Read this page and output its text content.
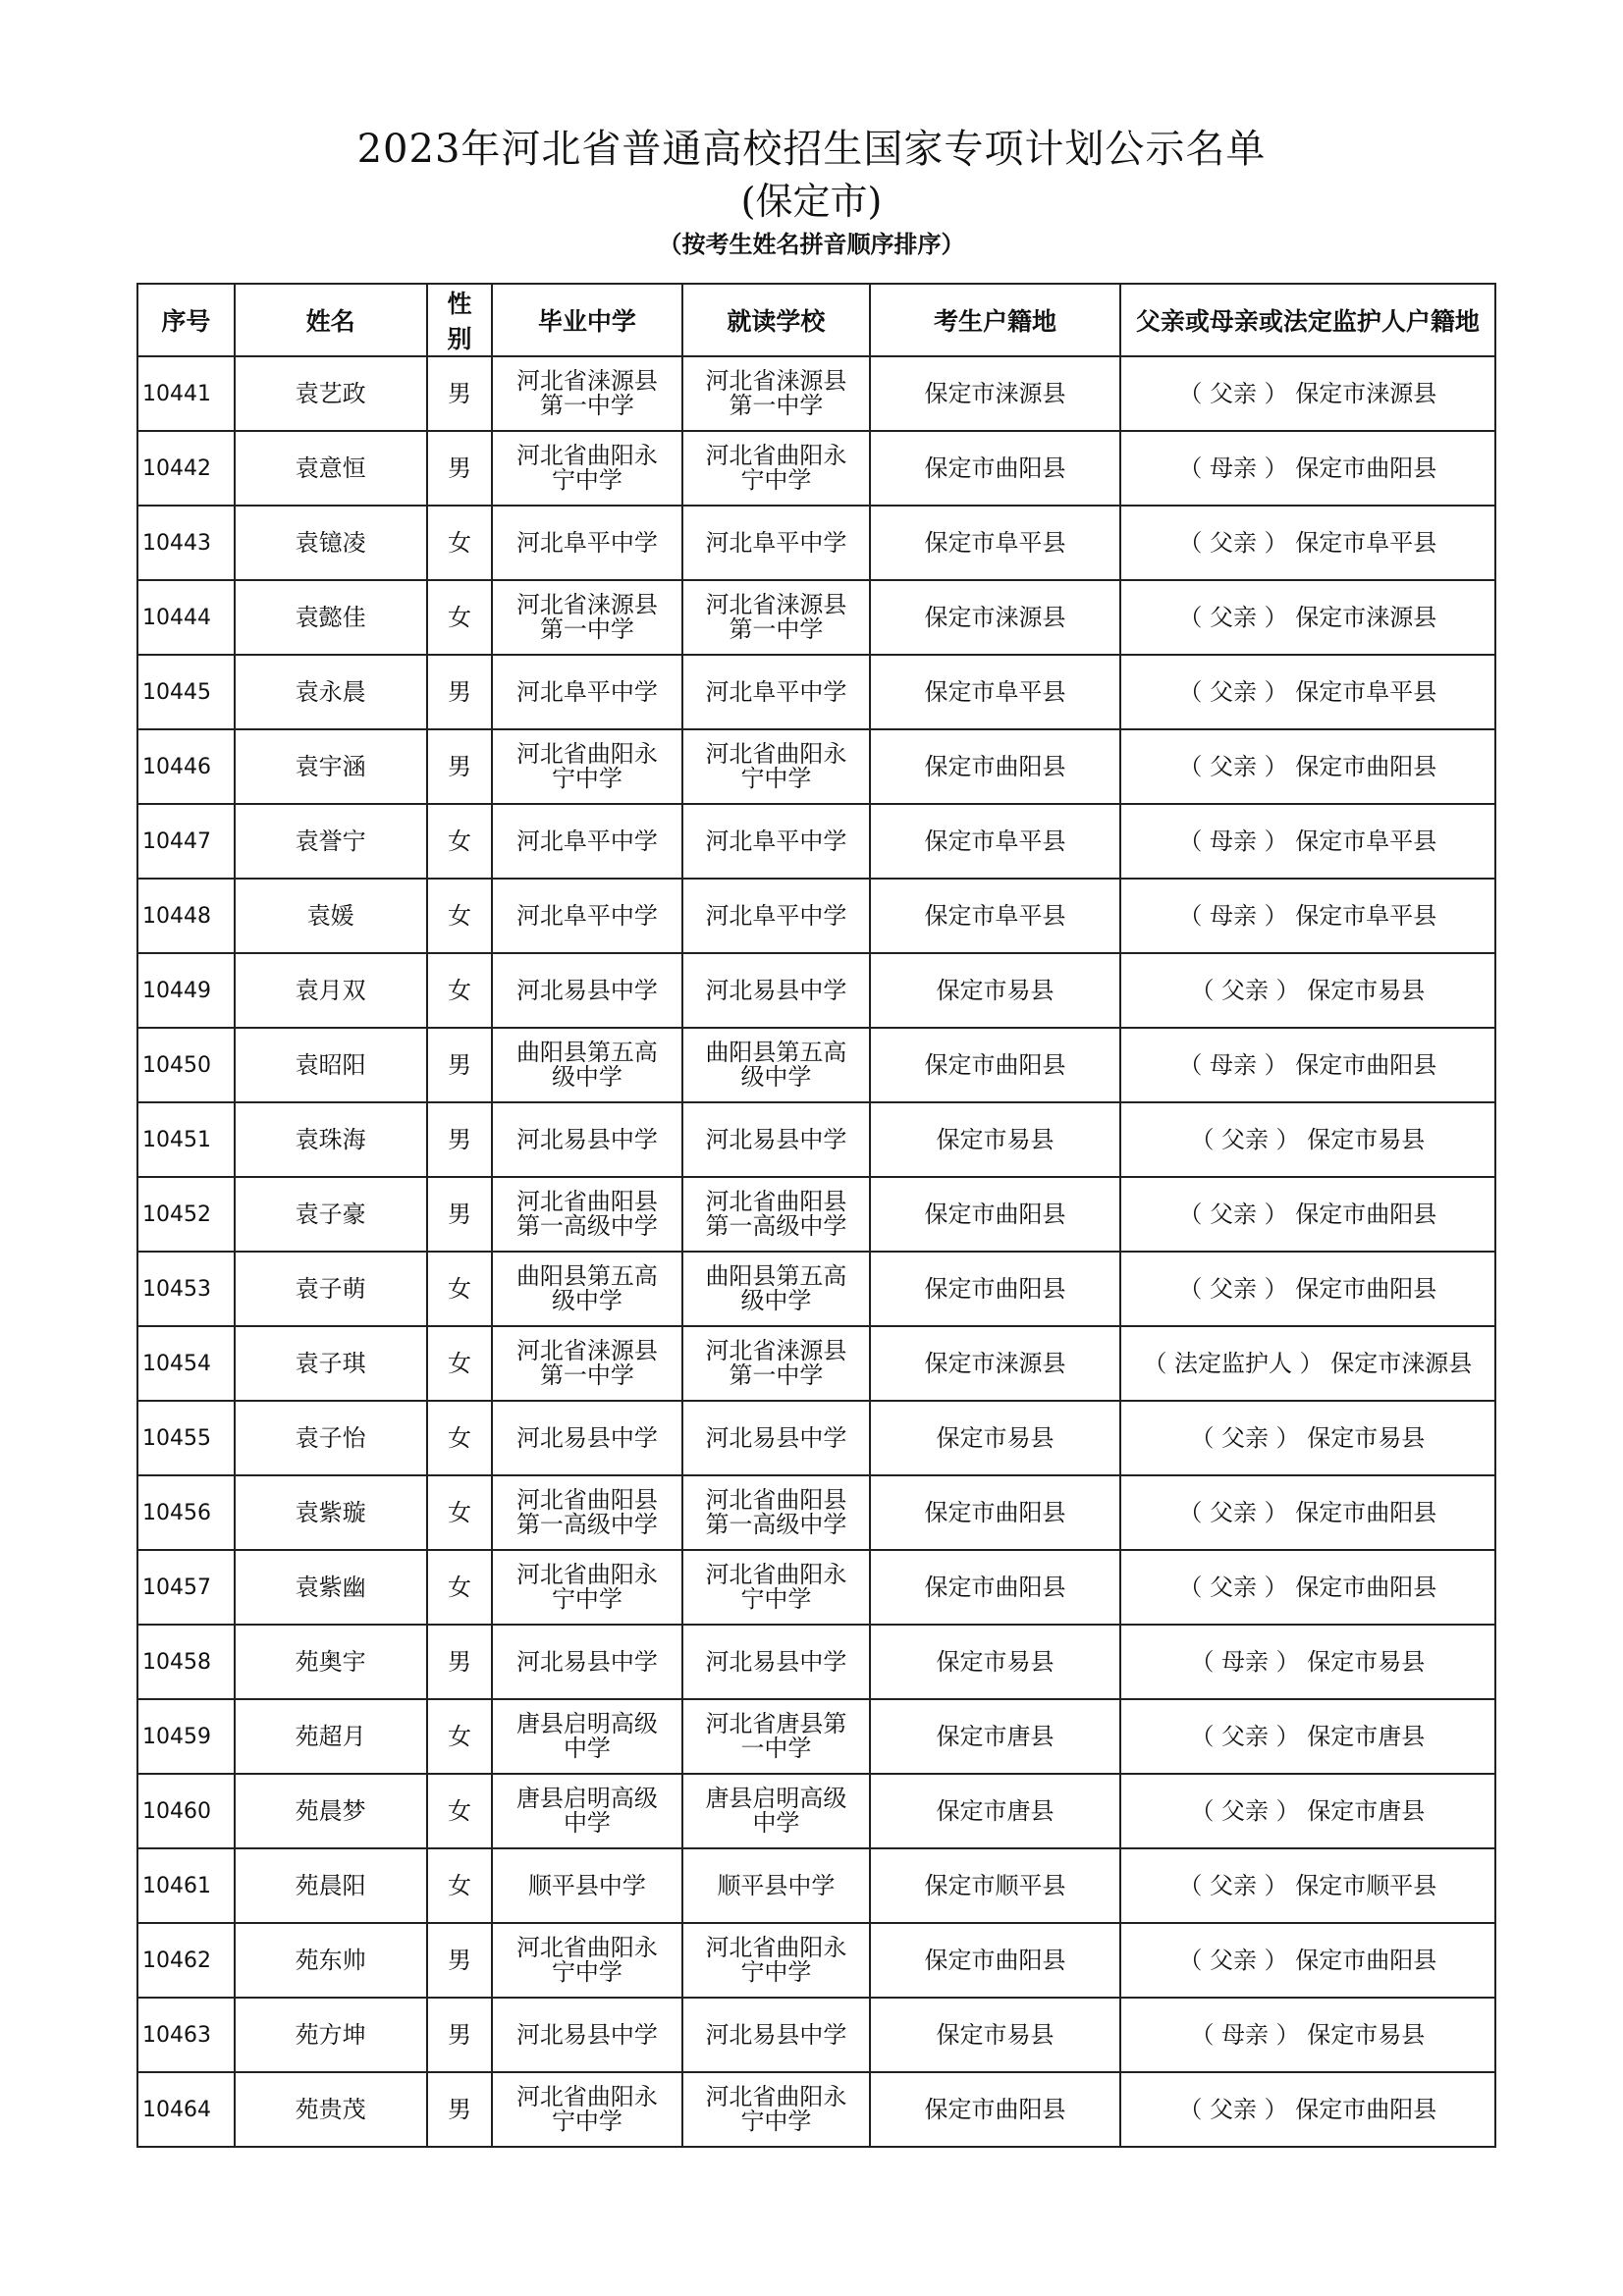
2023年河北省普通高校招生国家专项计划公示名单
(保定市)
（按考生姓名拼音顺序排序）
序号	姓名	性别	毕业中学	就读学校	考生户籍地	父亲或母亲或法定监护人户籍地
10441	袁艺政	男	河北省涞源县第一中学	河北省涞源县第一中学	保定市涞源县	（ 父亲 ） 保定市涞源县
10442	袁意恒	男	河北省曲阳永宁中学	河北省曲阳永宁中学	保定市曲阳县	（ 母亲 ） 保定市曲阳县
10443	袁镱凌	女	河北阜平中学	河北阜平中学	保定市阜平县	（ 父亲 ） 保定市阜平县
10444	袁懿佳	女	河北省涞源县第一中学	河北省涞源县第一中学	保定市涞源县	（ 父亲 ） 保定市涞源县
10445	袁永晨	男	河北阜平中学	河北阜平中学	保定市阜平县	（ 父亲 ） 保定市阜平县
10446	袁宇涵	男	河北省曲阳永宁中学	河北省曲阳永宁中学	保定市曲阳县	（ 父亲 ） 保定市曲阳县
10447	袁誉宁	女	河北阜平中学	河北阜平中学	保定市阜平县	（ 母亲 ） 保定市阜平县
10448	袁媛	女	河北阜平中学	河北阜平中学	保定市阜平县	（ 母亲 ） 保定市阜平县
10449	袁月双	女	河北易县中学	河北易县中学	保定市易县	（ 父亲 ） 保定市易县
10450	袁昭阳	男	曲阳县第五高级中学	曲阳县第五高级中学	保定市曲阳县	（ 母亲 ） 保定市曲阳县
10451	袁珠海	男	河北易县中学	河北易县中学	保定市易县	（ 父亲 ） 保定市易县
10452	袁子豪	男	河北省曲阳县第一高级中学	河北省曲阳县第一高级中学	保定市曲阳县	（ 父亲 ） 保定市曲阳县
10453	袁子萌	女	曲阳县第五高级中学	曲阳县第五高级中学	保定市曲阳县	（ 父亲 ） 保定市曲阳县
10454	袁子琪	女	河北省涞源县第一中学	河北省涞源县第一中学	保定市涞源县	（ 法定监护人 ） 保定市涞源县
10455	袁子怡	女	河北易县中学	河北易县中学	保定市易县	（ 父亲 ） 保定市易县
10456	袁紫璇	女	河北省曲阳县第一高级中学	河北省曲阳县第一高级中学	保定市曲阳县	（ 父亲 ） 保定市曲阳县
10457	袁紫幽	女	河北省曲阳永宁中学	河北省曲阳永宁中学	保定市曲阳县	（ 父亲 ） 保定市曲阳县
10458	苑奥宇	男	河北易县中学	河北易县中学	保定市易县	（ 母亲 ） 保定市易县
10459	苑超月	女	唐县启明高级中学	河北省唐县第一中学	保定市唐县	（ 父亲 ） 保定市唐县
10460	苑晨梦	女	唐县启明高级中学	唐县启明高级中学	保定市唐县	（ 父亲 ） 保定市唐县
10461	苑晨阳	女	顺平县中学	顺平县中学	保定市顺平县	（ 父亲 ） 保定市顺平县
10462	苑东帅	男	河北省曲阳永宁中学	河北省曲阳永宁中学	保定市曲阳县	（ 父亲 ） 保定市曲阳县
10463	苑方坤	男	河北易县中学	河北易县中学	保定市易县	（ 母亲 ） 保定市易县
10464	苑贵茂	男	河北省曲阳永宁中学	河北省曲阳永宁中学	保定市曲阳县	（ 父亲 ） 保定市曲阳县
